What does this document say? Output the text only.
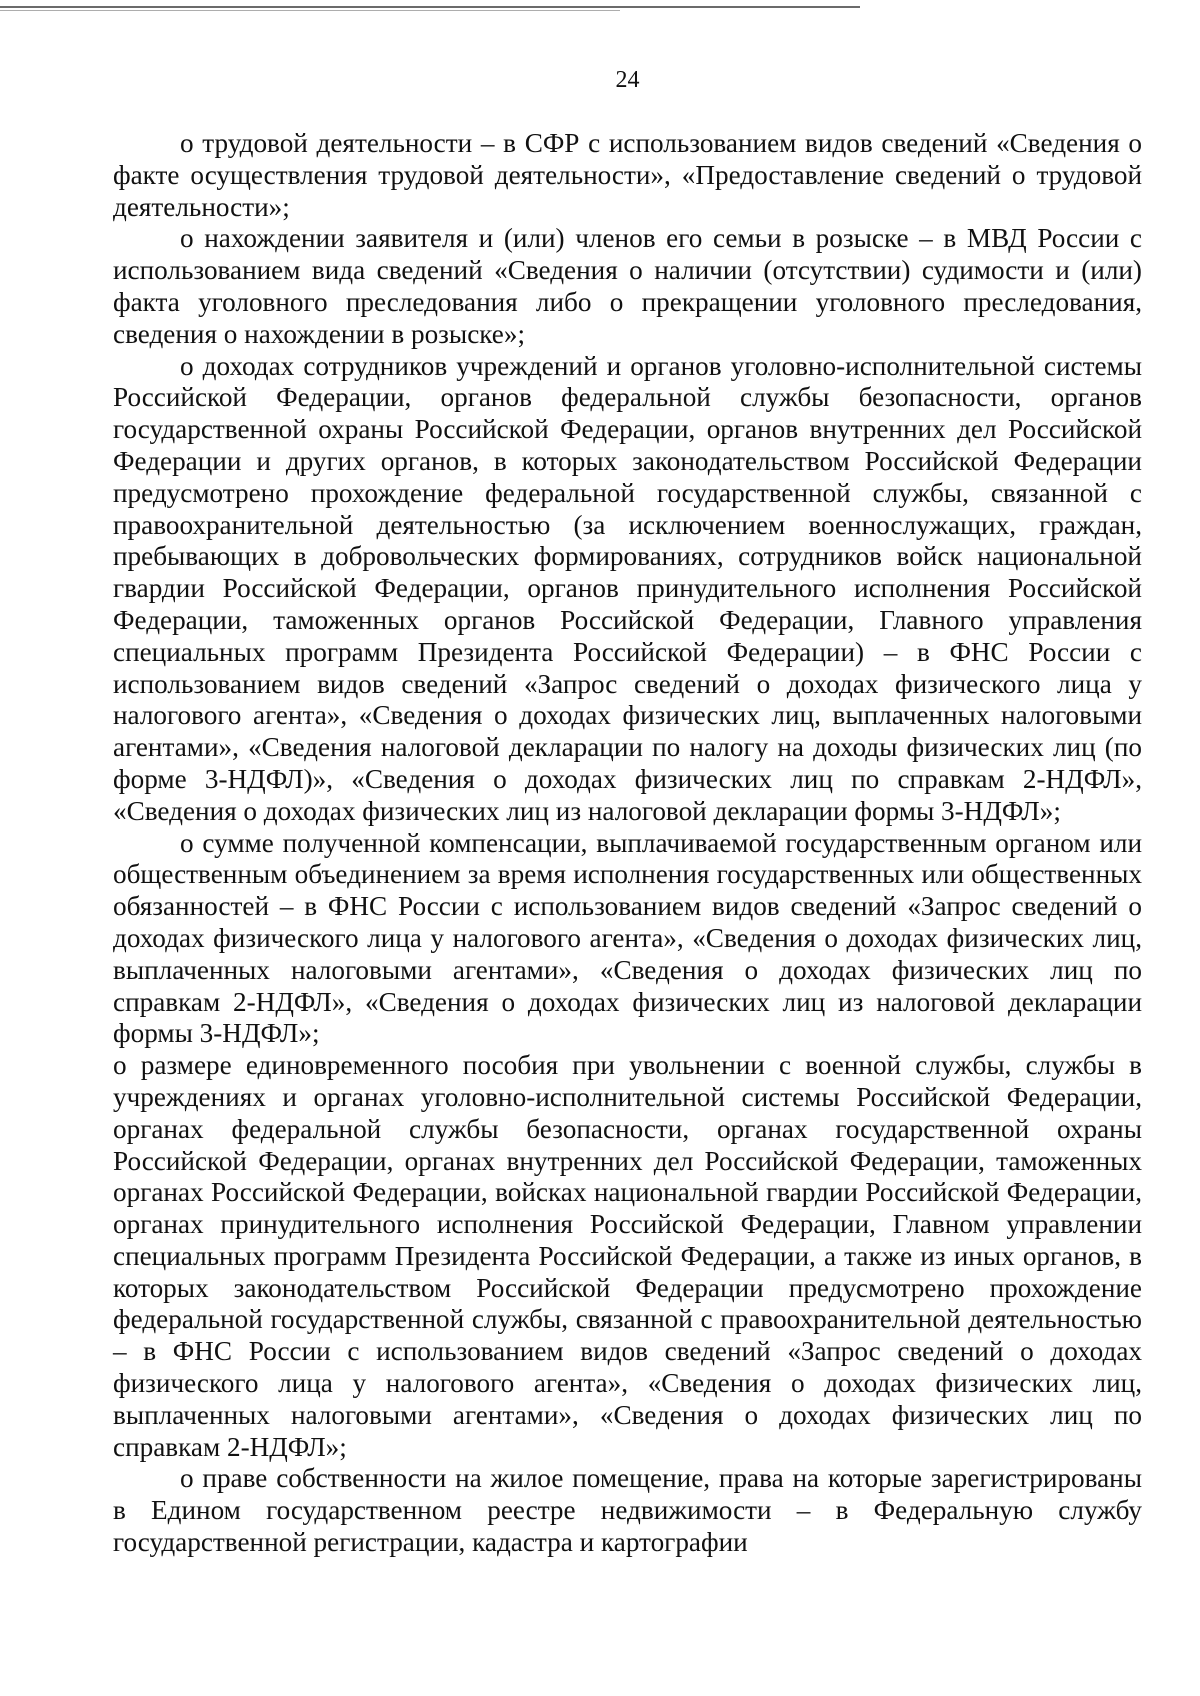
24

о трудовой деятельности – в СФР с использованием видов сведений «Сведения о факте осуществления трудовой деятельности», «Предоставление сведений о трудовой деятельности»;

о нахождении заявителя и (или) членов его семьи в розыске – в МВД России с использованием вида сведений «Сведения о наличии (отсутствии) судимости и (или) факта уголовного преследования либо о прекращении уголовного преследования, сведения о нахождении в розыске»;

о доходах сотрудников учреждений и органов уголовно-исполнительной системы Российской Федерации, органов федеральной службы безопасности, органов государственной охраны Российской Федерации, органов внутренних дел Российской Федерации и других органов, в которых законодательством Российской Федерации предусмотрено прохождение федеральной государственной службы, связанной с правоохранительной деятельностью (за исключением военнослужащих, граждан, пребывающих в добровольческих формированиях, сотрудников войск национальной гвардии Российской Федерации, органов принудительного исполнения Российской Федерации, таможенных органов Российской Федерации, Главного управления специальных программ Президента Российской Федерации) – в ФНС России с использованием видов сведений «Запрос сведений о доходах физического лица у налогового агента», «Сведения о доходах физических лиц, выплаченных налоговыми агентами», «Сведения налоговой декларации по налогу на доходы физических лиц (по форме 3-НДФЛ)», «Сведения о доходах физических лиц по справкам 2-НДФЛ», «Сведения о доходах физических лиц из налоговой декларации формы 3-НДФЛ»;

о сумме полученной компенсации, выплачиваемой государственным органом или общественным объединением за время исполнения государственных или общественных обязанностей – в ФНС России с использованием видов сведений «Запрос сведений о доходах физического лица у налогового агента», «Сведения о доходах физических лиц, выплаченных налоговыми агентами», «Сведения о доходах физических лиц по справкам 2-НДФЛ», «Сведения о доходах физических лиц из налоговой декларации формы 3-НДФЛ»;

о размере единовременного пособия при увольнении с военной службы, службы в учреждениях и органах уголовно-исполнительной системы Российской Федерации, органах федеральной службы безопасности, органах государственной охраны Российской Федерации, органах внутренних дел Российской Федерации, таможенных органах Российской Федерации, войсках национальной гвардии Российской Федерации, органах принудительного исполнения Российской Федерации, Главном управлении специальных программ Президента Российской Федерации, а также из иных органов, в которых законодательством Российской Федерации предусмотрено прохождение федеральной государственной службы, связанной с правоохранительной деятельностью – в ФНС России с использованием видов сведений «Запрос сведений о доходах физического лица у налогового агента», «Сведения о доходах физических лиц, выплаченных налоговыми агентами», «Сведения о доходах физических лиц по справкам 2-НДФЛ»;

о праве собственности на жилое помещение, права на которые зарегистрированы в Едином государственном реестре недвижимости – в Федеральную службу государственной регистрации, кадастра и картографии
